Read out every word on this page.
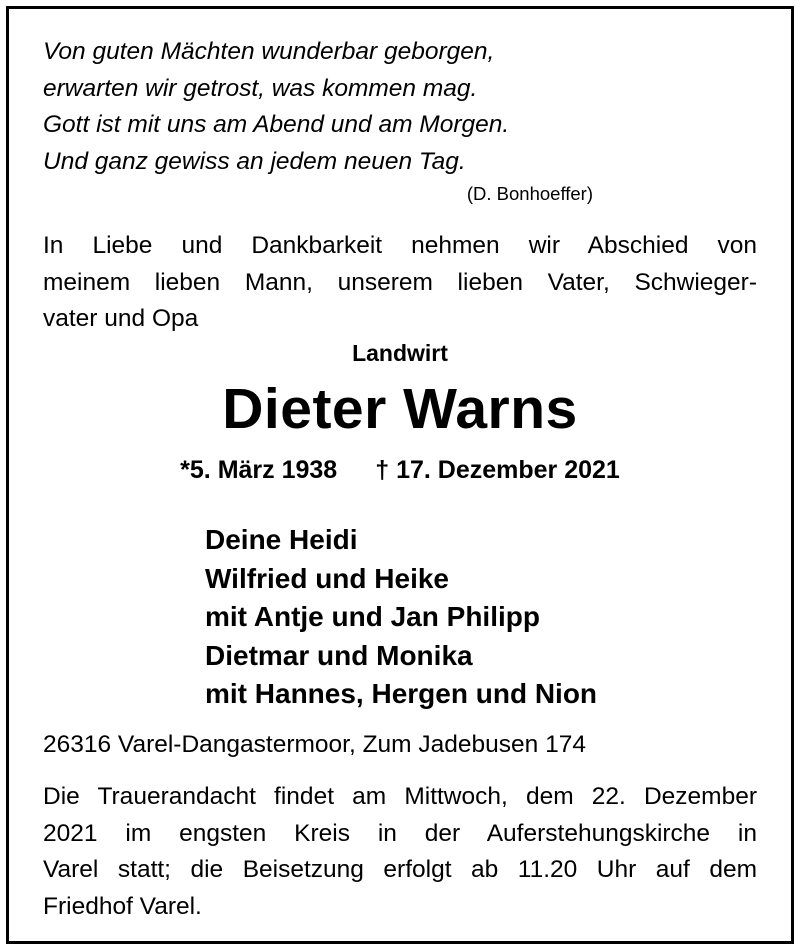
Von guten Mächten wunderbar geborgen,
erwarten wir getrost, was kommen mag.
Gott ist mit uns am Abend und am Morgen.
Und ganz gewiss an jedem neuen Tag.
(D. Bonhoeffer)
In Liebe und Dankbarkeit nehmen wir Abschied von
meinem lieben Mann, unserem lieben Vater, Schwieger-
vater und Opa
Landwirt
Dieter Warns
*5. März 1938 † 17. Dezember 2021
Deine Heidi
Wilfried und Heike
mit Antje und Jan Philipp
Dietmar und Monika
mit Hannes, Hergen und Nion
26316 Varel-Dangastermoor, Zum Jadebusen 174
Die Trauerandacht findet am Mittwoch, dem 22. Dezember
2021 im engsten Kreis in der Auferstehungskirche in
Varel statt; die Beisetzung erfolgt ab 11.20 Uhr auf dem
Friedhof Varel.
